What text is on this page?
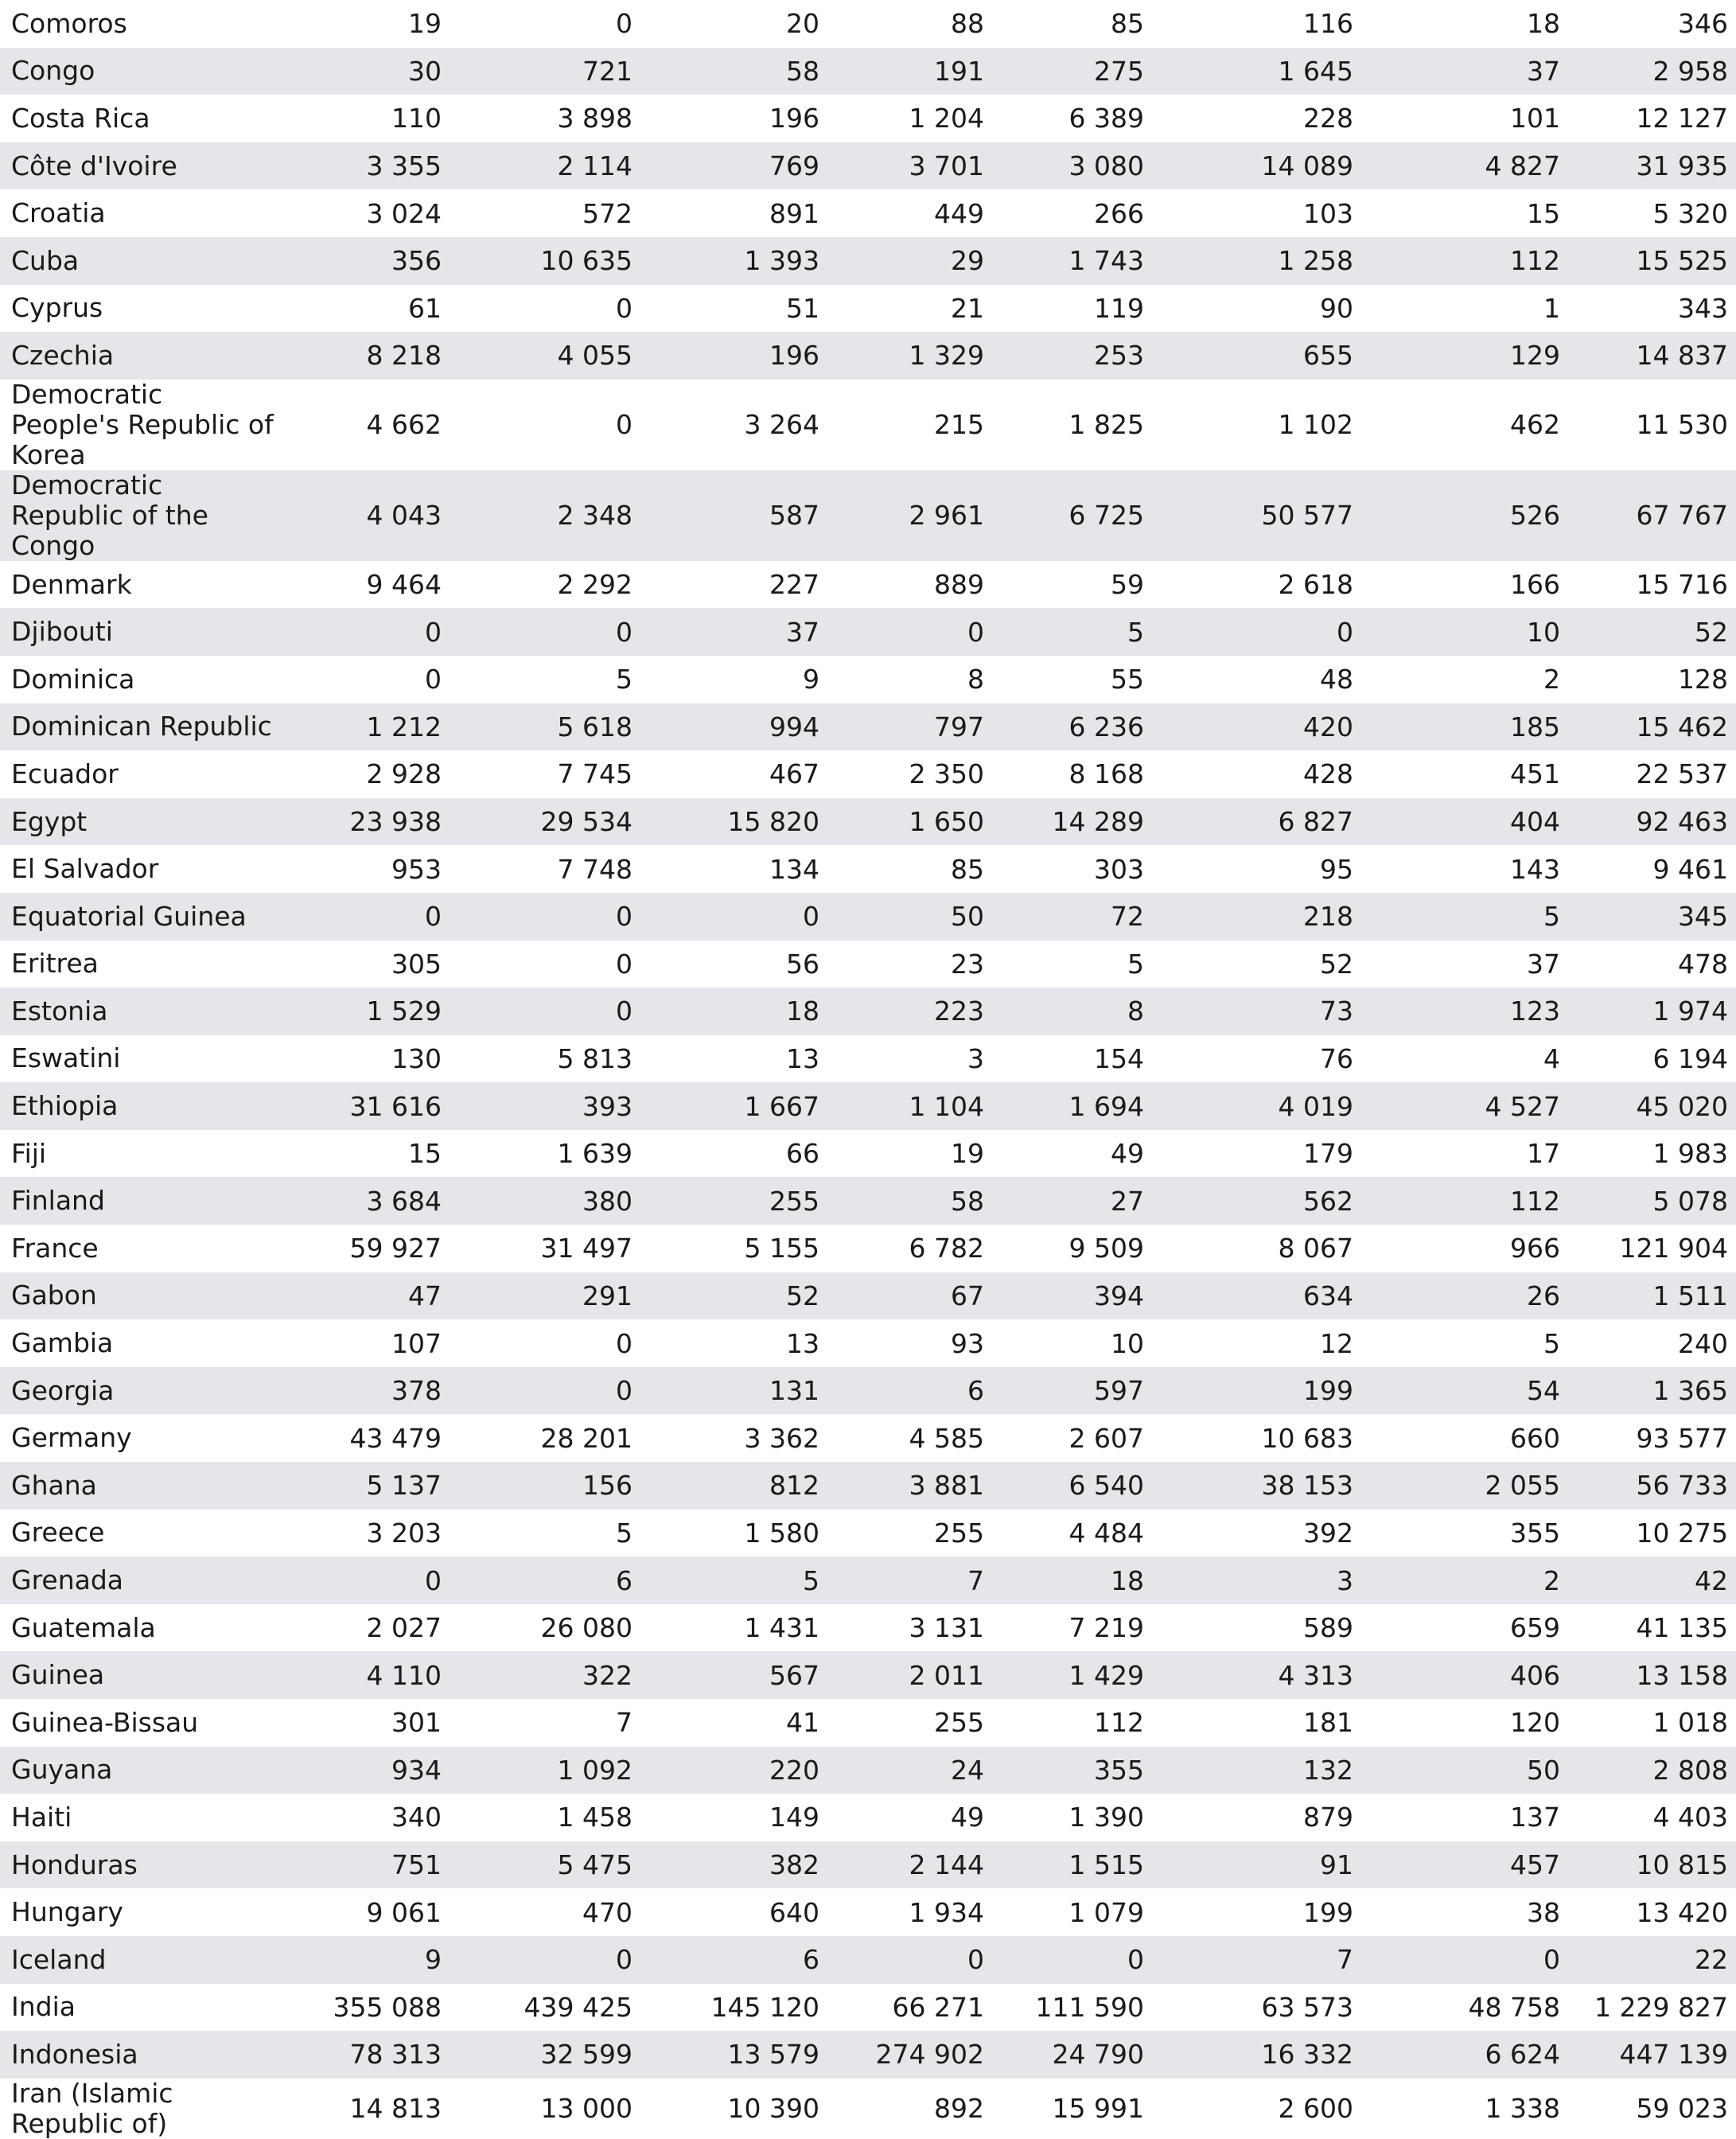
Comoros	19	0	20	88	85	116	18	346
Congo	30	721	58	191	275	1 645	37	2 958
Costa Rica	110	3 898	196	1 204	6 389	228	101	12 127
Côte d'Ivoire	3 355	2 114	769	3 701	3 080	14 089	4 827	31 935
Croatia	3 024	572	891	449	266	103	15	5 320
Cuba	356	10 635	1 393	29	1 743	1 258	112	15 525
Cyprus	61	0	51	21	119	90	1	343
Czechia	8 218	4 055	196	1 329	253	655	129	14 837
Democratic People's Republic of Korea	4 662	0	3 264	215	1 825	1 102	462	11 530
Democratic Republic of the Congo	4 043	2 348	587	2 961	6 725	50 577	526	67 767
Denmark	9 464	2 292	227	889	59	2 618	166	15 716
Djibouti	0	0	37	0	5	0	10	52
Dominica	0	5	9	8	55	48	2	128
Dominican Republic	1 212	5 618	994	797	6 236	420	185	15 462
Ecuador	2 928	7 745	467	2 350	8 168	428	451	22 537
Egypt	23 938	29 534	15 820	1 650	14 289	6 827	404	92 463
El Salvador	953	7 748	134	85	303	95	143	9 461
Equatorial Guinea	0	0	0	50	72	218	5	345
Eritrea	305	0	56	23	5	52	37	478
Estonia	1 529	0	18	223	8	73	123	1 974
Eswatini	130	5 813	13	3	154	76	4	6 194
Ethiopia	31 616	393	1 667	1 104	1 694	4 019	4 527	45 020
Fiji	15	1 639	66	19	49	179	17	1 983
Finland	3 684	380	255	58	27	562	112	5 078
France	59 927	31 497	5 155	6 782	9 509	8 067	966	121 904
Gabon	47	291	52	67	394	634	26	1 511
Gambia	107	0	13	93	10	12	5	240
Georgia	378	0	131	6	597	199	54	1 365
Germany	43 479	28 201	3 362	4 585	2 607	10 683	660	93 577
Ghana	5 137	156	812	3 881	6 540	38 153	2 055	56 733
Greece	3 203	5	1 580	255	4 484	392	355	10 275
Grenada	0	6	5	7	18	3	2	42
Guatemala	2 027	26 080	1 431	3 131	7 219	589	659	41 135
Guinea	4 110	322	567	2 011	1 429	4 313	406	13 158
Guinea-Bissau	301	7	41	255	112	181	120	1 018
Guyana	934	1 092	220	24	355	132	50	2 808
Haiti	340	1 458	149	49	1 390	879	137	4 403
Honduras	751	5 475	382	2 144	1 515	91	457	10 815
Hungary	9 061	470	640	1 934	1 079	199	38	13 420
Iceland	9	0	6	0	0	7	0	22
India	355 088	439 425	145 120	66 271	111 590	63 573	48 758	1 229 827
Indonesia	78 313	32 599	13 579	274 902	24 790	16 332	6 624	447 139
Iran (Islamic Republic of)	14 813	13 000	10 390	892	15 991	2 600	1 338	59 023
